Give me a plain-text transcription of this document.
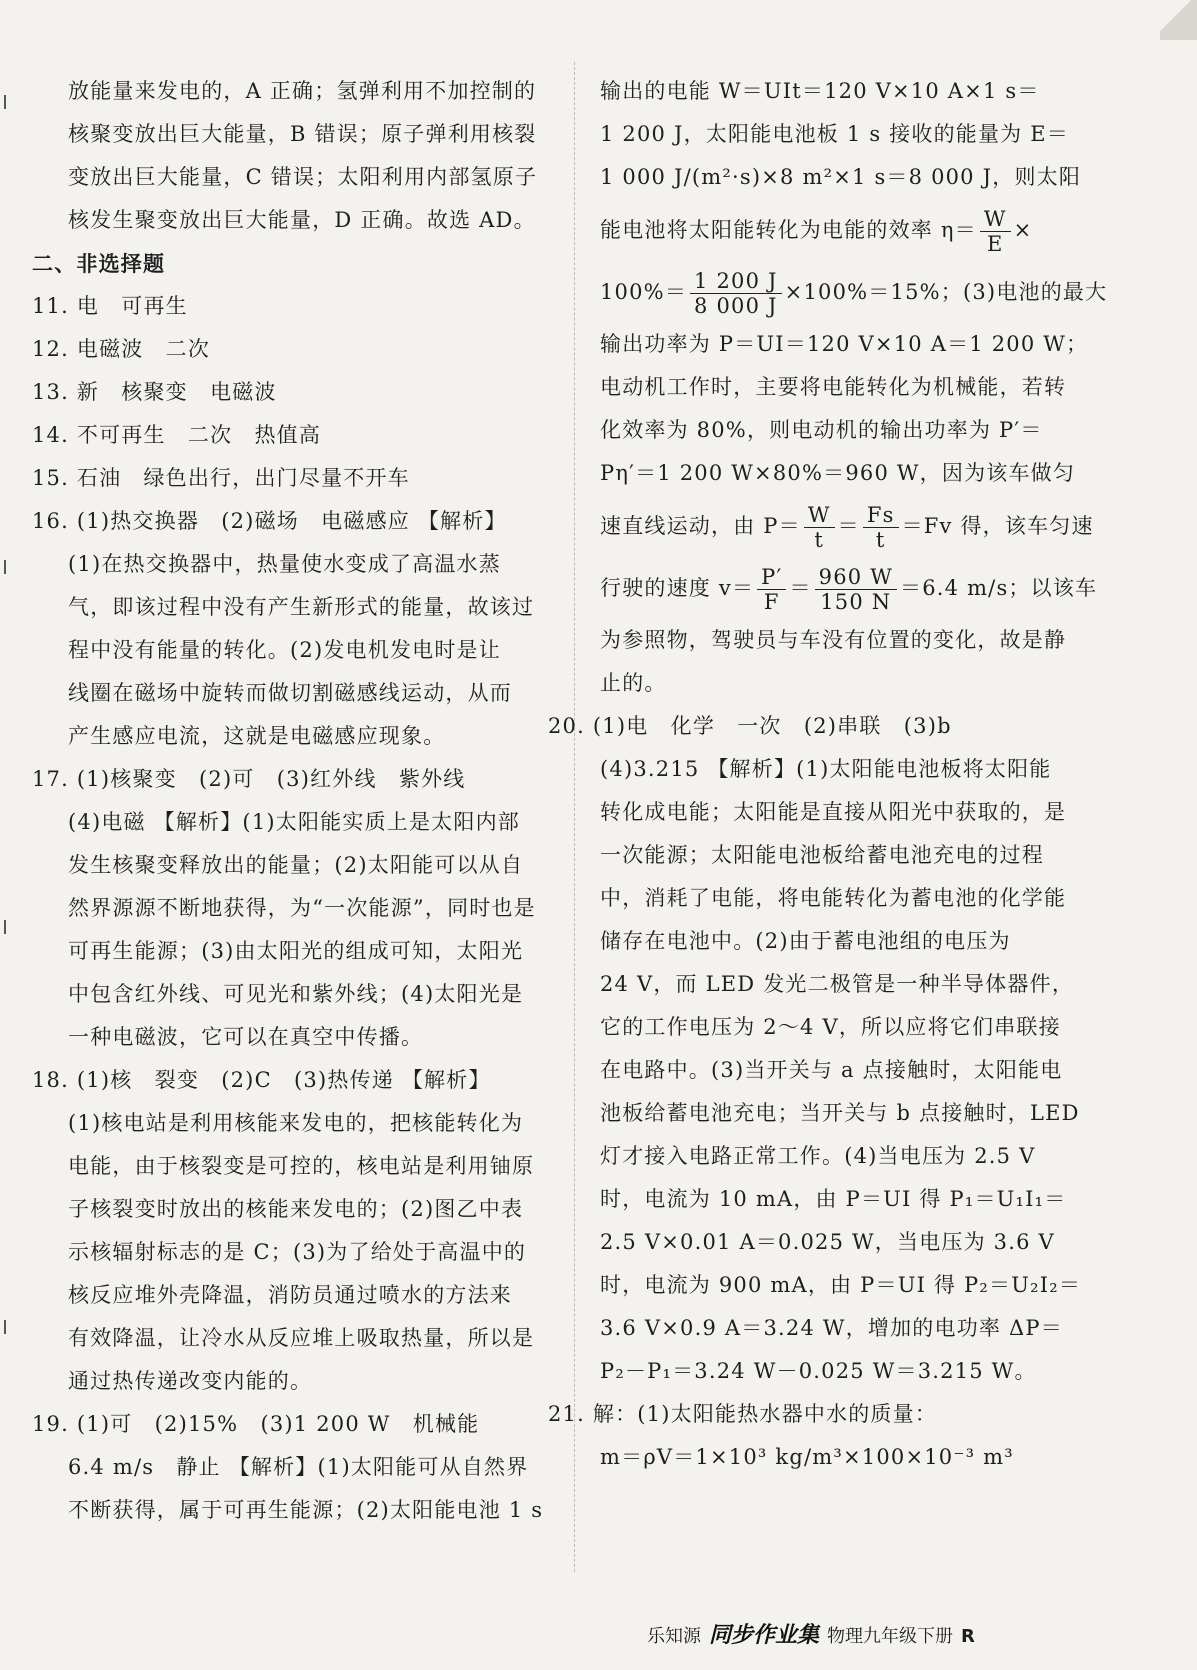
放能量来发电的，A 正确；氢弹利用不加控制的
核聚变放出巨大能量，B 错误；原子弹利用核裂
变放出巨大能量，C 错误；太阳利用内部氢原子
核发生聚变放出巨大能量，D 正确。故选 AD。
二、非选择题
11. 电　可再生
12. 电磁波　二次
13. 新　核聚变　电磁波
14. 不可再生　二次　热值高
15. 石油　绿色出行，出门尽量不开车
16. (1)热交换器　(2)磁场　电磁感应 【解析】
(1)在热交换器中，热量使水变成了高温水蒸
气，即该过程中没有产生新形式的能量，故该过
程中没有能量的转化。(2)发电机发电时是让
线圈在磁场中旋转而做切割磁感线运动，从而
产生感应电流，这就是电磁感应现象。
17. (1)核聚变　(2)可　(3)红外线　紫外线
(4)电磁 【解析】(1)太阳能实质上是太阳内部
发生核聚变释放出的能量；(2)太阳能可以从自
然界源源不断地获得，为“一次能源”，同时也是
可再生能源；(3)由太阳光的组成可知，太阳光
中包含红外线、可见光和紫外线；(4)太阳光是
一种电磁波，它可以在真空中传播。
18. (1)核　裂变　(2)C　(3)热传递 【解析】
(1)核电站是利用核能来发电的，把核能转化为
电能，由于核裂变是可控的，核电站是利用铀原
子核裂变时放出的核能来发电的；(2)图乙中表
示核辐射标志的是 C；(3)为了给处于高温中的
核反应堆外壳降温，消防员通过喷水的方法来
有效降温，让冷水从反应堆上吸取热量，所以是
通过热传递改变内能的。
19. (1)可　(2)15%　(3)1 200 W　机械能
6.4 m/s　静止 【解析】(1)太阳能可从自然界
不断获得，属于可再生能源；(2)太阳能电池 1 s
输出的电能 W＝UIt＝120 V×10 A×1 s＝
1 200 J，太阳能电池板 1 s 接收的能量为 E＝
1 000 J/(m²·s)×8 m²×1 s＝8 000 J，则太阳
能电池将太阳能转化为电能的效率 $\eta= \frac{W}{E}$ ×
$100\%= \frac{1 200 J}{8 000 J} \times 100\%=15\%$；(3)电池的最大
输出功率为 P＝UI＝120 V×10 A＝1 200 W；
电动机工作时，主要将电能转化为机械能，若转
化效率为 80%，则电动机的输出功率为 P′＝
Pη′＝1 200 W×80%＝960 W，因为该车做匀
速直线运动，由 $P= \frac{W}{t} = \frac{Fs}{t} =Fv$ 得，该车匀速
行驶的速度 $v= \frac{P'}{F} = \frac{960 W}{150 N} =6.4$ m/s；以该车
为参照物，驾驶员与车没有位置的变化，故是静
止的。
20. (1)电　化学　一次　(2)串联　(3)b
(4)3.215 【解析】(1)太阳能电池板将太阳能
转化成电能；太阳能是直接从阳光中获取的，是
一次能源；太阳能电池板给蓄电池充电的过程
中，消耗了电能，将电能转化为蓄电池的化学能
储存在电池中。(2)由于蓄电池组的电压为
24 V，而 LED 发光二极管是一种半导体器件，
它的工作电压为 2～4 V，所以应将它们串联接
在电路中。(3)当开关与 a 点接触时，太阳能电
池板给蓄电池充电；当开关与 b 点接触时，LED
灯才接入电路正常工作。(4)当电压为 2.5 V
时，电流为 10 mA，由 P＝UI 得 P₁＝U₁I₁＝
2.5 V×0.01 A＝0.025 W，当电压为 3.6 V
时，电流为 900 mA，由 P＝UI 得 P₂＝U₂I₂＝
3.6 V×0.9 A＝3.24 W，增加的电功率 ΔP＝
P₂－P₁＝3.24 W－0.025 W＝3.215 W。
21. 解：(1)太阳能热水器中水的质量：
m＝ρV＝1×10³ kg/m³×100×10⁻³ m³
乐知源 同步作业集 物理九年级下册 R
